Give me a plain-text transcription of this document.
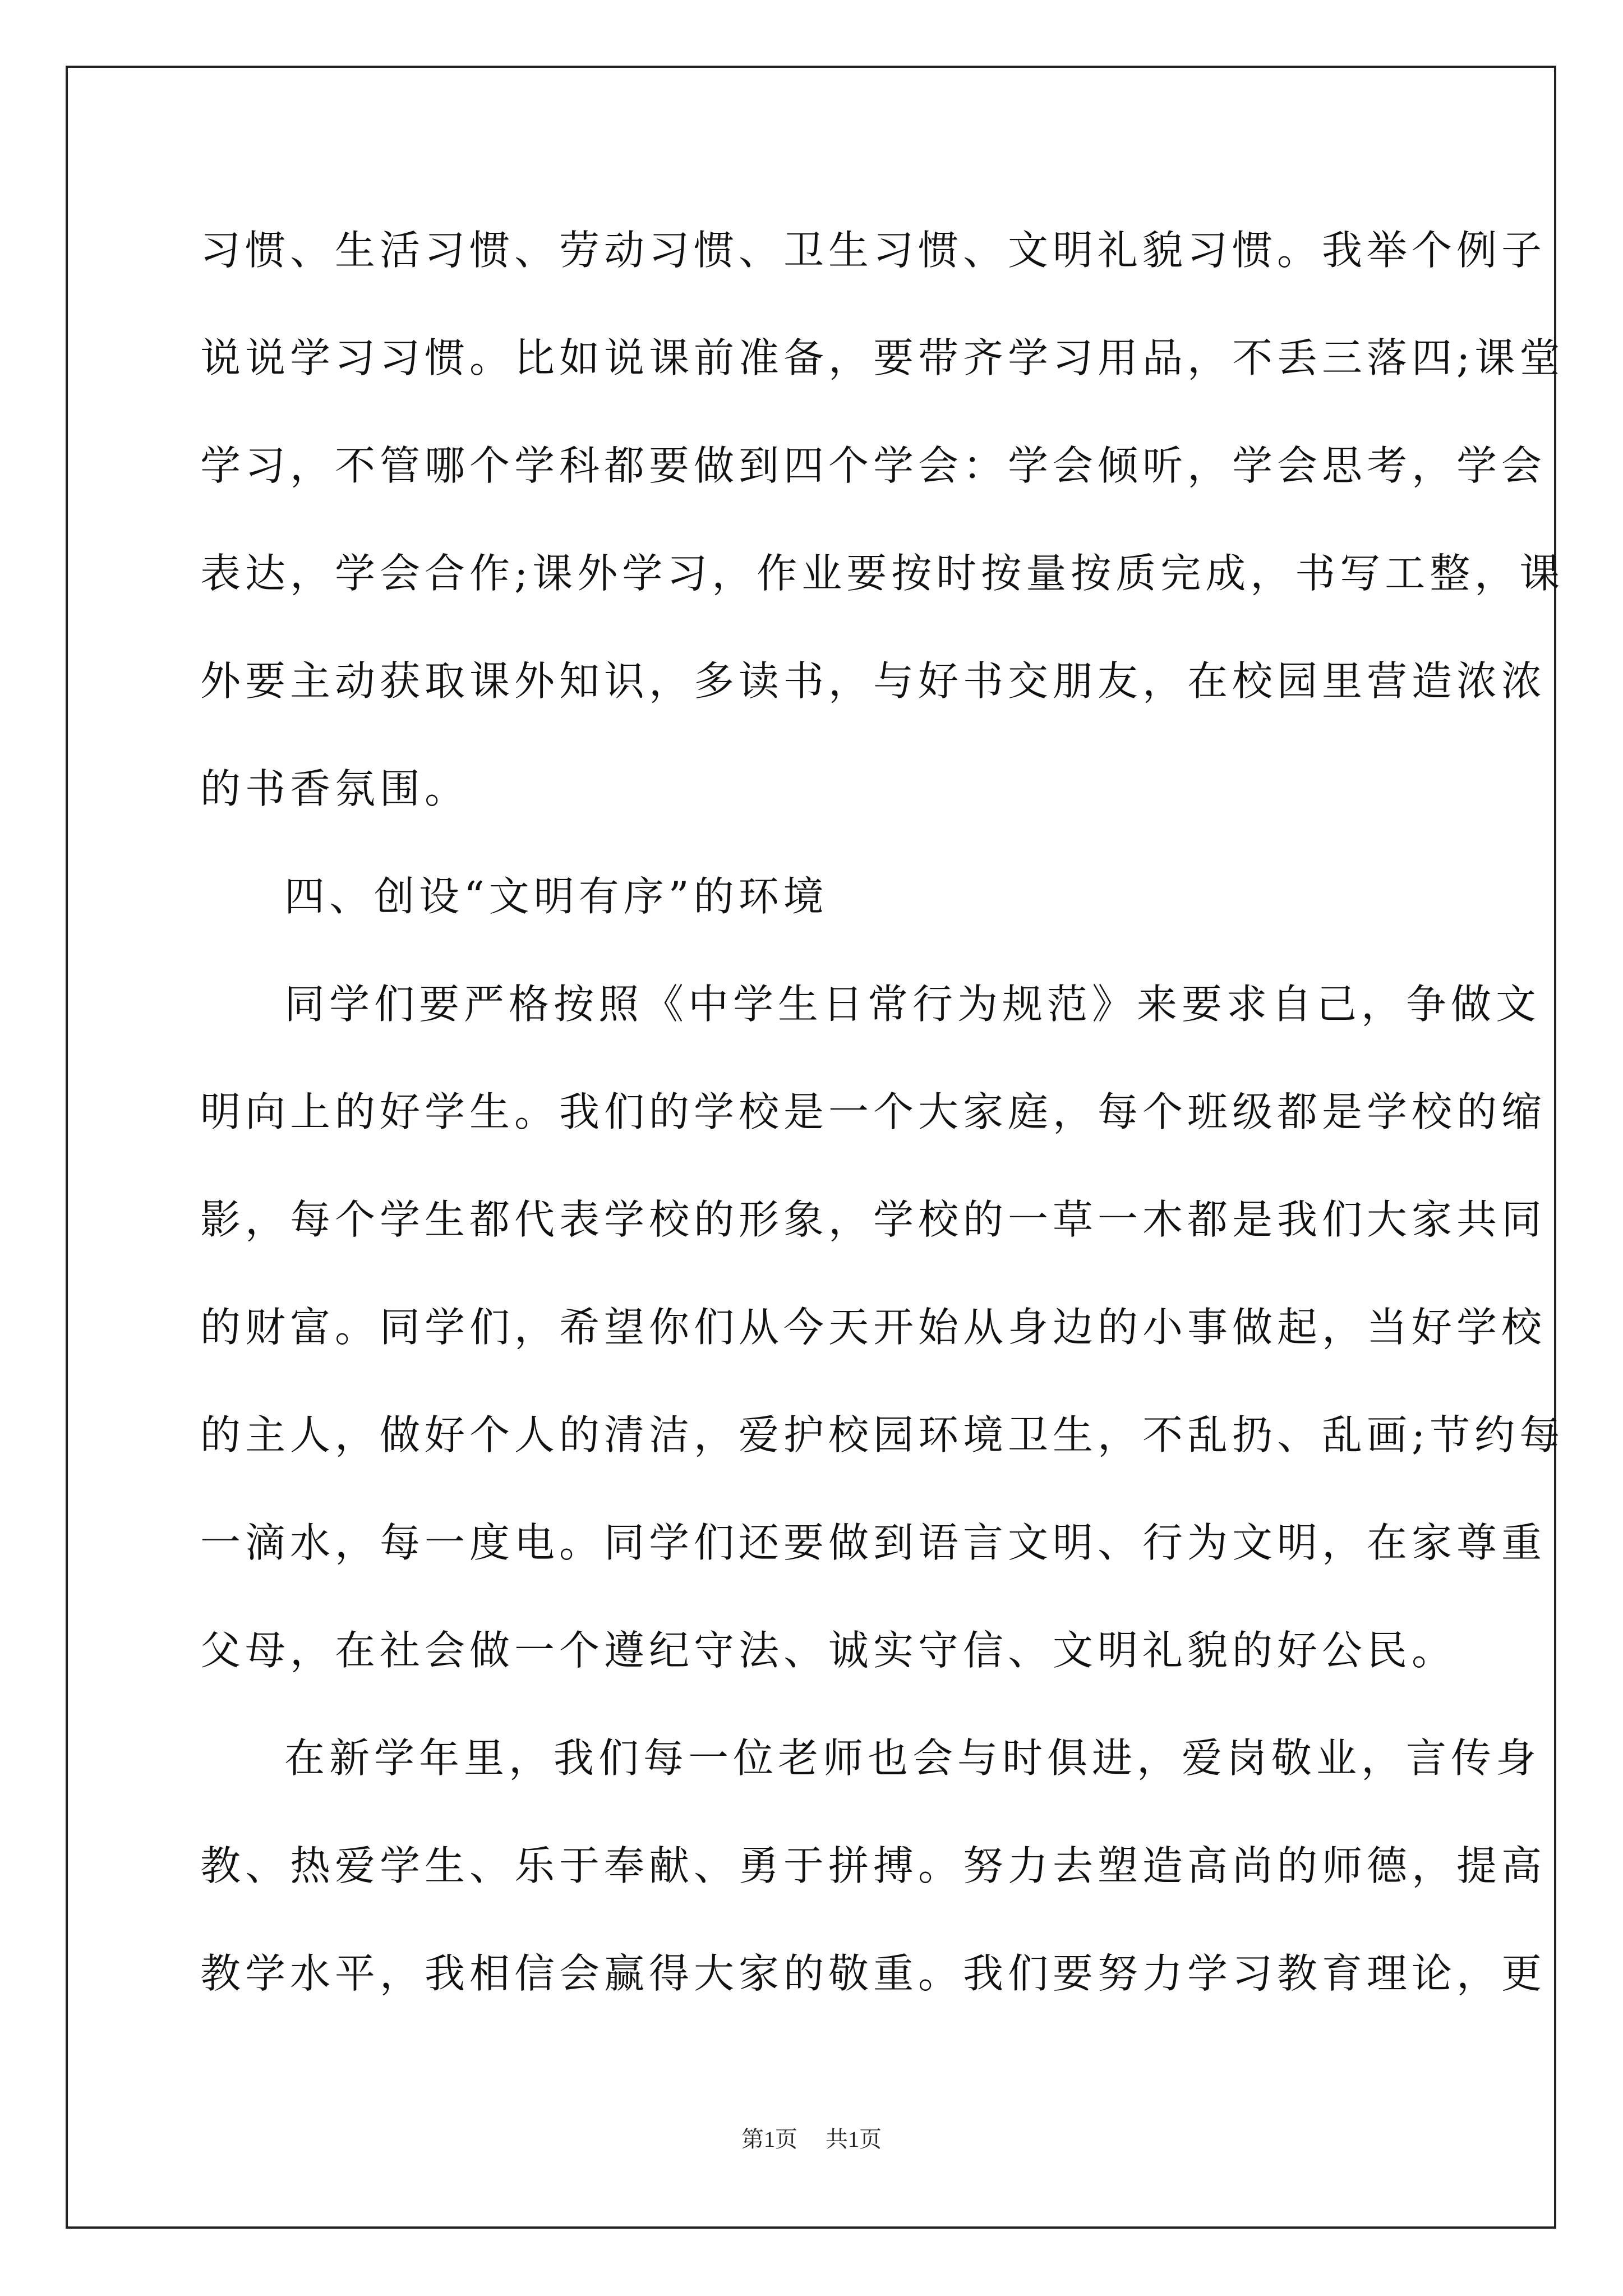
习惯、生活习惯、劳动习惯、卫生习惯、文明礼貌习惯。我举个例子
说说学习习惯。比如说课前准备，要带齐学习用品，不丢三落四;课堂
学习，不管哪个学科都要做到四个学会：学会倾听，学会思考，学会
表达，学会合作;课外学习，作业要按时按量按质完成，书写工整，课
外要主动获取课外知识，多读书，与好书交朋友，在校园里营造浓浓
的书香氛围。
四、创设“文明有序”的环境
同学们要严格按照《中学生日常行为规范》来要求自己，争做文
明向上的好学生。我们的学校是一个大家庭，每个班级都是学校的缩
影，每个学生都代表学校的形象，学校的一草一木都是我们大家共同
的财富。同学们，希望你们从今天开始从身边的小事做起，当好学校
的主人，做好个人的清洁，爱护校园环境卫生，不乱扔、乱画;节约每
一滴水，每一度电。同学们还要做到语言文明、行为文明，在家尊重
父母，在社会做一个遵纪守法、诚实守信、文明礼貌的好公民。
在新学年里，我们每一位老师也会与时俱进，爱岗敬业，言传身
教、热爱学生、乐于奉献、勇于拼搏。努力去塑造高尚的师德，提高
教学水平，我相信会赢得大家的敬重。我们要努力学习教育理论，更
第1页 共1页
